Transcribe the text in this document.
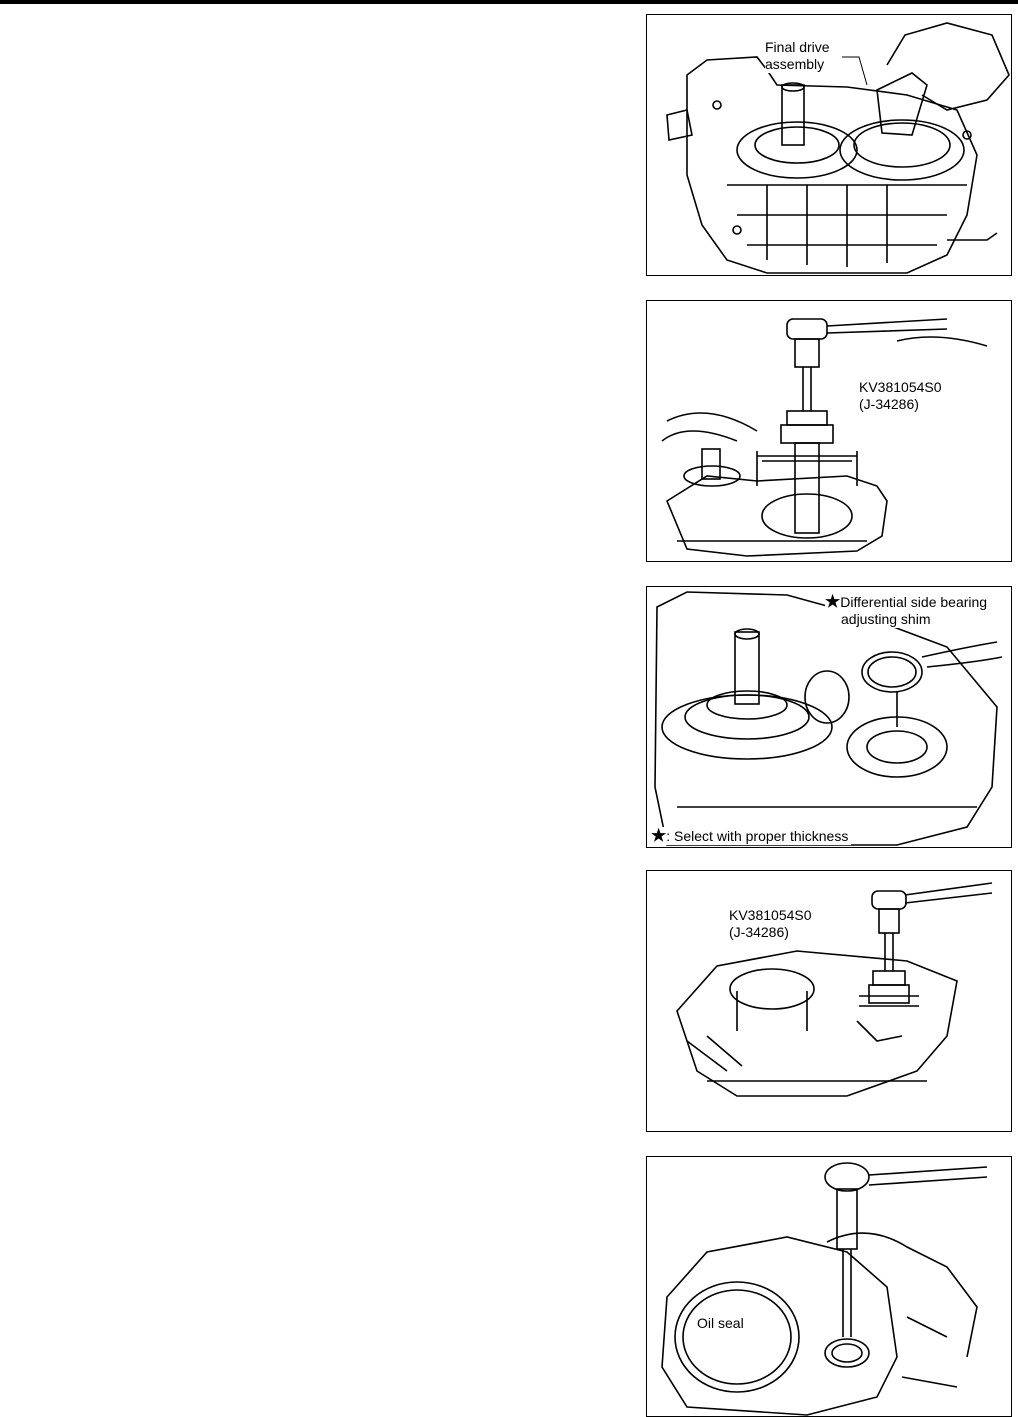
Final drive
assembly
KV381054S0
(J-34286)
★Differential side bearing
adjusting shim
★: Select with proper thickness
KV381054S0
(J-34286)
Oil seal
